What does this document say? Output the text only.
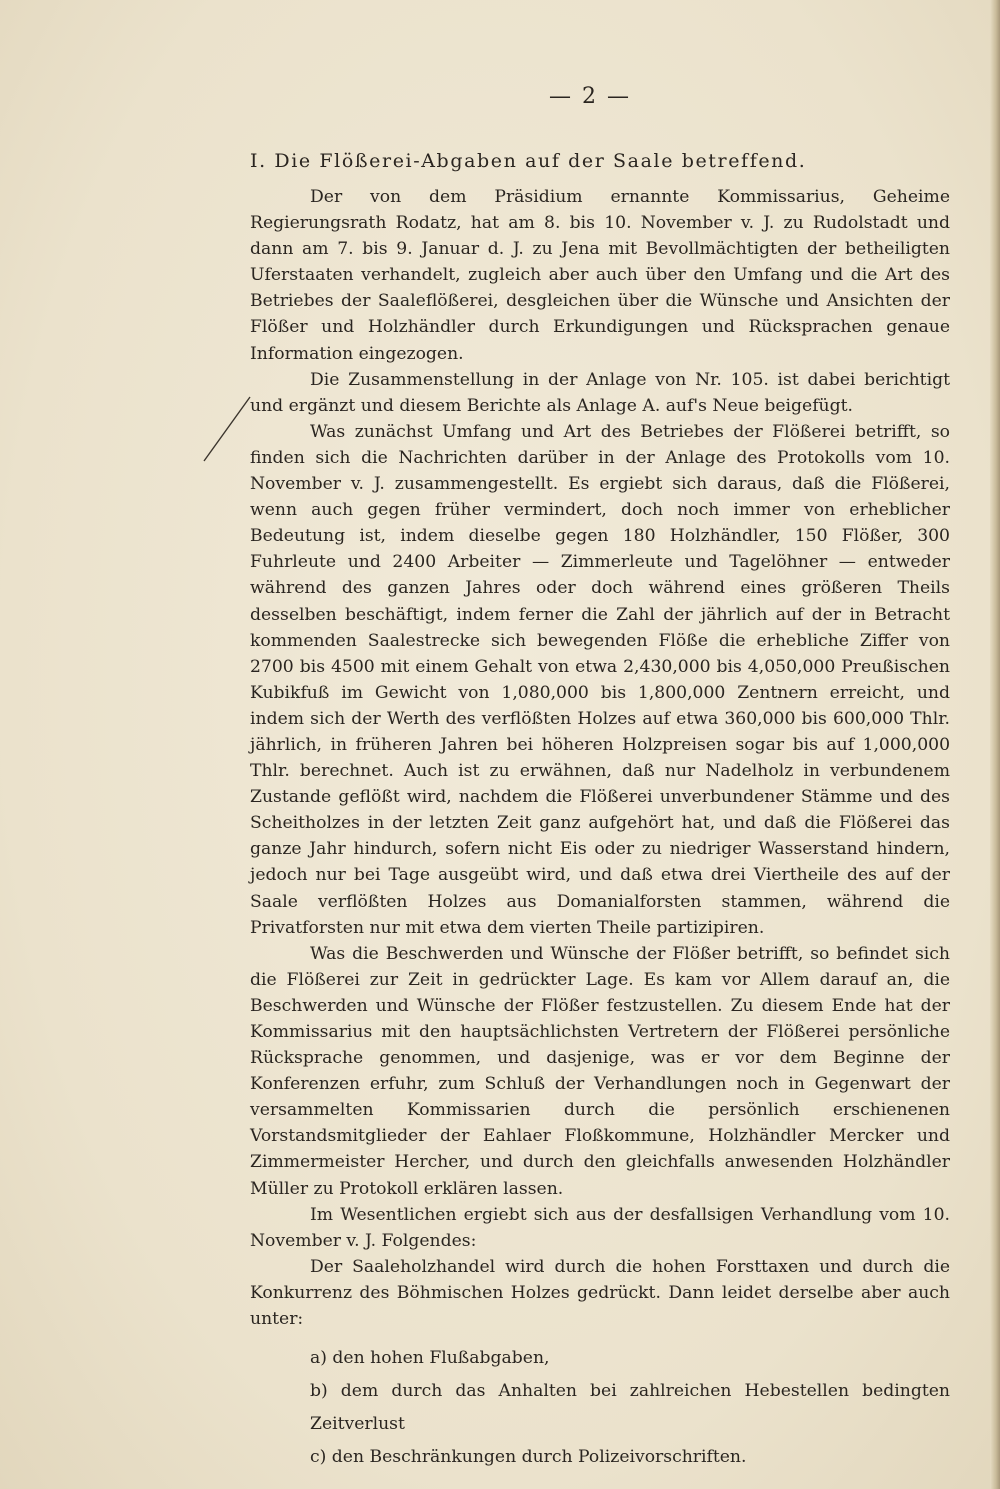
— 2 —
I. Die Flößerei-Abgaben auf der Saale betreffend.

Der von dem Präsidium ernannte Kommissarius, Geheime Regierungsrath Rodatz, hat am 8. bis 10. November v. J. zu Rudolstadt und dann am 7. bis 9. Januar d. J. zu Jena mit Bevollmächtigten der betheiligten Uferstaaten verhandelt, zugleich aber auch über den Umfang und die Art des Betriebes der Saaleflößerei, desgleichen über die Wünsche und Ansichten der Flößer und Holzhändler durch Erkundigungen und Rücksprachen genaue Information eingezogen.

Die Zusammenstellung in der Anlage von Nr. 105. ist dabei berichtigt und ergänzt und diesem Berichte als Anlage A. auf's Neue beigefügt.

Was zunächst Umfang und Art des Betriebes der Flößerei betrifft, so finden sich die Nachrichten darüber in der Anlage des Protokolls vom 10. November v. J. zusammengestellt. Es ergiebt sich daraus, daß die Flößerei, wenn auch gegen früher vermindert, doch noch immer von erheblicher Bedeutung ist, indem dieselbe gegen 180 Holzhändler, 150 Flößer, 300 Fuhrleute und 2400 Arbeiter — Zimmerleute und Tagelöhner — entweder während des ganzen Jahres oder doch während eines größeren Theils desselben beschäftigt, indem ferner die Zahl der jährlich auf der in Betracht kommenden Saalestrecke sich bewegenden Flöße die erhebliche Ziffer von 2700 bis 4500 mit einem Gehalt von etwa 2,430,000 bis 4,050,000 Preußischen Kubikfuß im Gewicht von 1,080,000 bis 1,800,000 Zentnern erreicht, und indem sich der Werth des verflößten Holzes auf etwa 360,000 bis 600,000 Thlr. jährlich, in früheren Jahren bei höheren Holzpreisen sogar bis auf 1,000,000 Thlr. berechnet. Auch ist zu erwähnen, daß nur Nadelholz in verbundenem Zustande geflößt wird, nachdem die Flößerei unverbundener Stämme und des Scheitholzes in der letzten Zeit ganz aufgehört hat, und daß die Flößerei das ganze Jahr hindurch, sofern nicht Eis oder zu niedriger Wasserstand hindern, jedoch nur bei Tage ausgeübt wird, und daß etwa drei Viertheile des auf der Saale verflößten Holzes aus Domanialforsten stammen, während die Privatforsten nur mit etwa dem vierten Theile partizipiren.

Was die Beschwerden und Wünsche der Flößer betrifft, so befindet sich die Flößerei zur Zeit in gedrückter Lage. Es kam vor Allem darauf an, die Beschwerden und Wünsche der Flößer festzustellen. Zu diesem Ende hat der Kommissarius mit den hauptsächlichsten Vertretern der Flößerei persönliche Rücksprache genommen, und dasjenige, was er vor dem Beginne der Konferenzen erfuhr, zum Schluß der Verhandlungen noch in Gegenwart der versammelten Kommissarien durch die persönlich erschienenen Vorstandsmitglieder der Eahlaer Floßkommune, Holzhändler Mercker und Zimmermeister Hercher, und durch den gleichfalls anwesenden Holzhändler Müller zu Protokoll erklären lassen.

Im Wesentlichen ergiebt sich aus der desfallsigen Verhandlung vom 10. November v. J. Folgendes:

Der Saaleholzhandel wird durch die hohen Forsttaxen und durch die Konkurrenz des Böhmischen Holzes gedrückt. Dann leidet derselbe aber auch unter:

a) den hohen Flußabgaben,
b) dem durch das Anhalten bei zahlreichen Hebestellen bedingten Zeitverlust
c) den Beschränkungen durch Polizeivorschriften.
